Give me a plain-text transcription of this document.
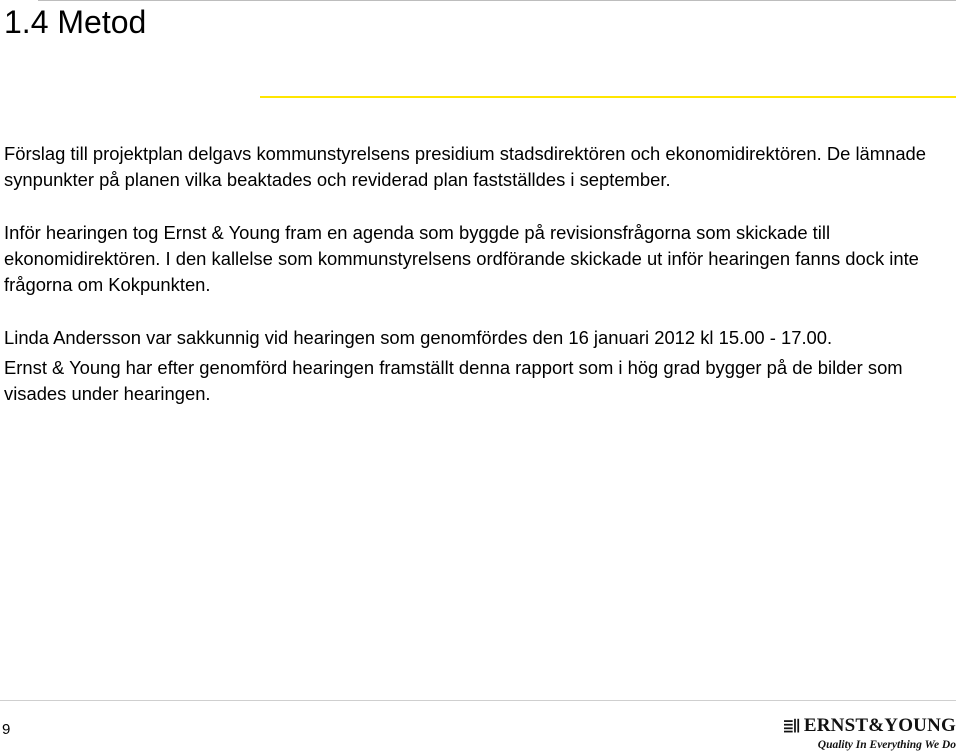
1.4 Metod

Förslag till projektplan delgavs kommunstyrelsens presidium stadsdirektören och ekonomidirektören. De lämnade synpunkter på planen vilka beaktades och reviderad plan fastställdes i september.

Inför hearingen tog Ernst & Young fram en agenda som byggde på revisionsfrågorna som skickade till ekonomidirektören. I den kallelse som kommunstyrelsens ordförande skickade ut inför hearingen fanns dock inte frågorna om Kokpunkten.

Linda Andersson var sakkunnig vid hearingen som genomfördes den 16 januari 2012 kl 15.00 - 17.00.

Ernst & Young har efter genomförd hearingen framställt denna rapport som i hög grad bygger på de bilder som visades under hearingen.

9	ERNST&YOUNG
Quality In Everything We Do
